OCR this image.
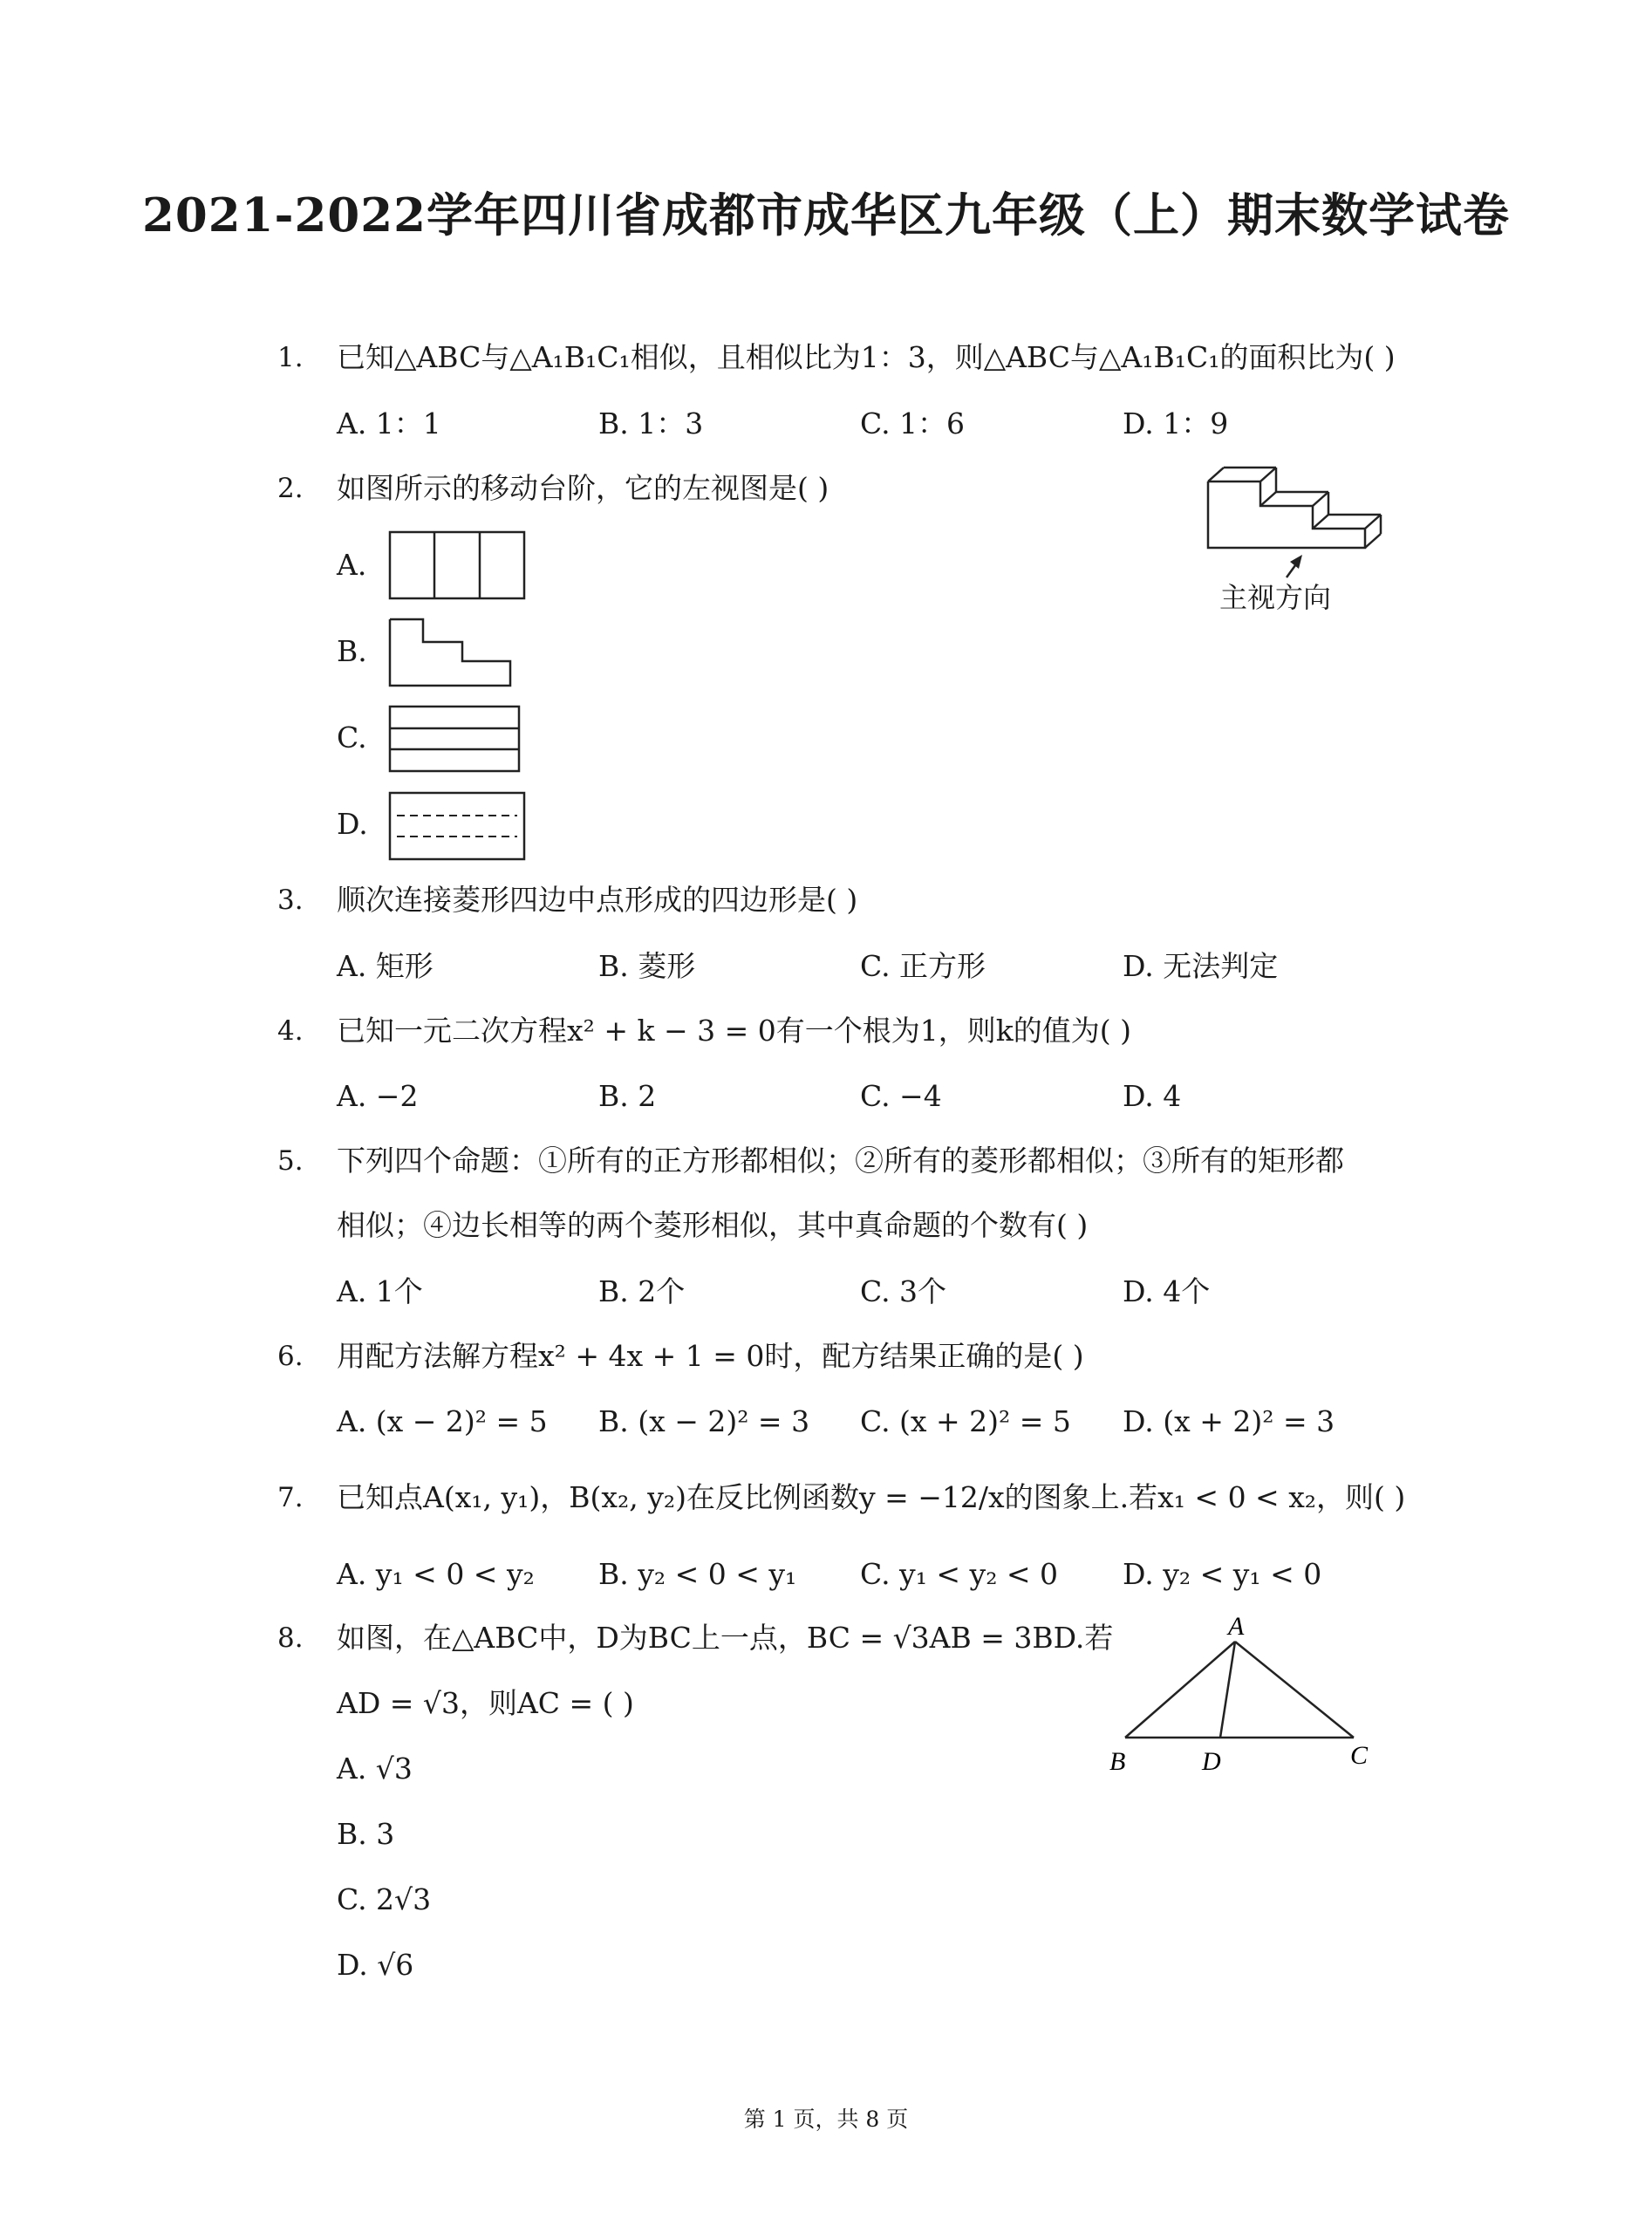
2021-2022学年四川省成都市成华区九年级（上）期末数学试卷
1. 已知△ABC与△A₁B₁C₁相似，且相似比为1：3，则△ABC与△A₁B₁C₁的面积比为( )
A. 1：1	B. 1：3	C. 1：6	D. 1：9
2. 如图所示的移动台阶，它的左视图是( )
A.
B.
C.
D.
主视方向
3. 顺次连接菱形四边中点形成的四边形是( )
A. 矩形	B. 菱形	C. 正方形	D. 无法判定
4. 已知一元二次方程x² + k − 3 = 0有一个根为1，则k的值为( )
A. −2	B. 2	C. −4	D. 4
5. 下列四个命题：①所有的正方形都相似；②所有的菱形都相似；③所有的矩形都
相似；④边长相等的两个菱形相似，其中真命题的个数有( )
A. 1个	B. 2个	C. 3个	D. 4个
6. 用配方法解方程x² + 4x + 1 = 0时，配方结果正确的是( )
A. (x − 2)² = 5 B. (x − 2)² = 3 C. (x + 2)² = 5 D. (x + 2)² = 3
7. 已知点A(x₁, y₁)，B(x₂, y₂)在反比例函数y = −12/x的图象上.若x₁ < 0 < x₂，则( )
A. y₁ < 0 < y₂ B. y₂ < 0 < y₁ C. y₁ < y₂ < 0 D. y₂ < y₁ < 0
8. 如图，在△ABC中，D为BC上一点，BC = √3AB = 3BD.若
AD = √3，则AC = ( )
A. √3
B. 3
C. 2√3
D. √6
A
B	D	C
第 1 页，共 8 页
